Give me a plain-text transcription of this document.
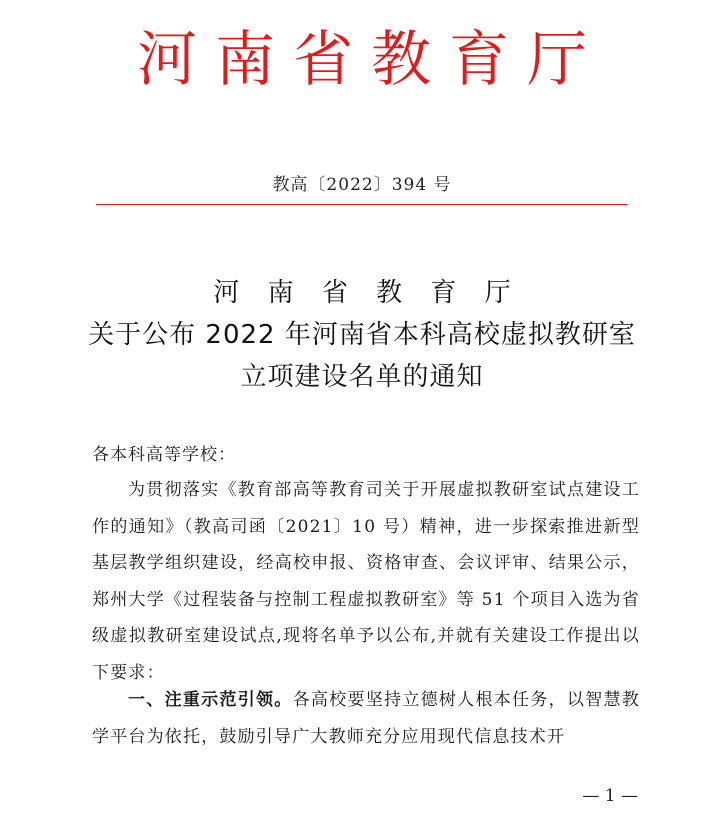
河南省教育厅
教高〔2022〕394 号
河 南 省 教 育 厅
关于公布 2022 年河南省本科高校虚拟教研室
立项建设名单的通知
各本科高等学校：
为贯彻落实《教育部高等教育司关于开展虚拟教研室试点建设工作的通知》（教高司函〔2021〕10 号）精神，进一步探索推进新型基层教学组织建设，经高校申报、资格审查、会议评审、结果公示，郑州大学《过程装备与控制工程虚拟教研室》等 51 个项目入选为省级虚拟教研室建设试点,现将名单予以公布,并就有关建设工作提出以下要求：
一、注重示范引领。各高校要坚持立德树人根本任务，以智慧教学平台为依托，鼓励引导广大教师充分应用现代信息技术开
— 1 —
